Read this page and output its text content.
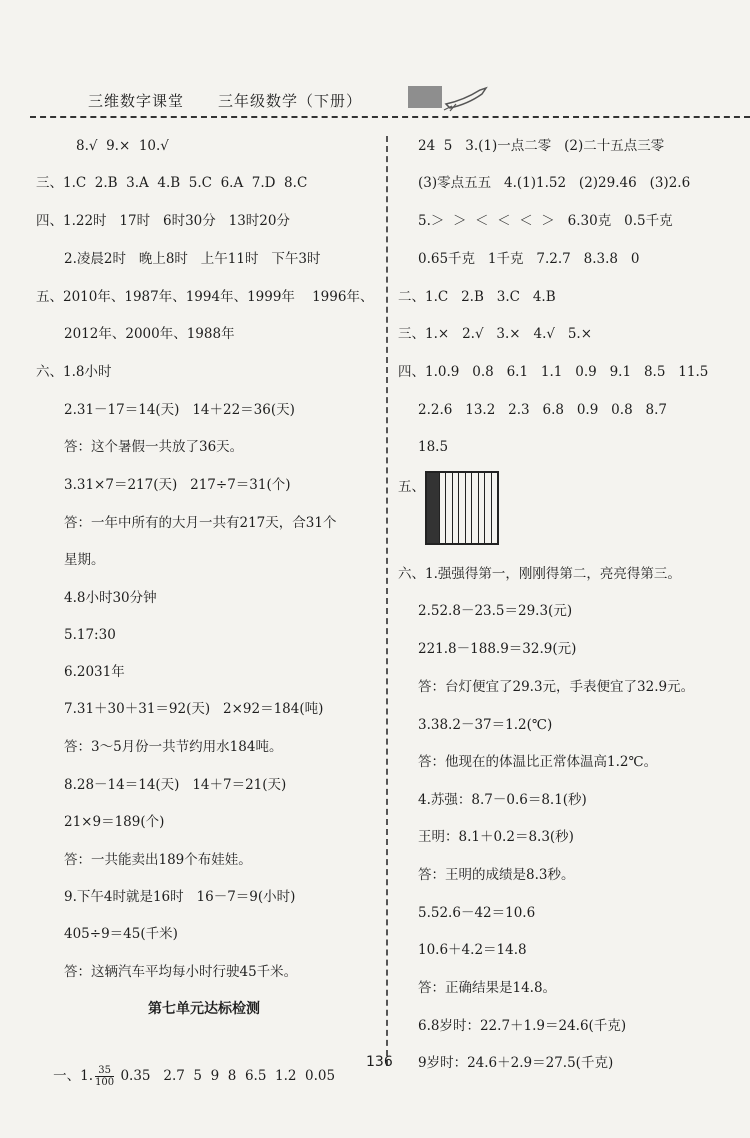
三维数字课堂 三年级数学（下册）
8.√  9.×  10.√
三、1.C  2.B  3.A  4.B  5.C  6.A  7.D  8.C
四、1.22时   17时   6时30分   13时20分
2.凌晨2时   晚上8时   上午11时   下午3时
五、2010年、1987年、1994年、1999年    1996年、
2012年、2000年、1988年
六、1.8小时
2.31－17＝14(天)   14＋22＝36(天)
答：这个暑假一共放了36天。
3.31×7＝217(天)   217÷7＝31(个)
答：一年中所有的大月一共有217天，合31个
星期。
4.8小时30分钟
5.17:30
6.2031年
7.31＋30＋31＝92(天)   2×92＝184(吨)
答：3～5月份一共节约用水184吨。
8.28－14＝14(天)   14＋7＝21(天)
21×9＝189(个)
答：一共能卖出189个布娃娃。
9.下午4时就是16时   16－7＝9(小时)
405÷9＝45(千米)
答：这辆汽车平均每小时行驶45千米。
第七单元达标检测

一、1. $\frac{35}{100} 0.35$   2.7  5  9  8  6.5  1.2  0.05

24  5   3.(1)一点二零   (2)二十五点三零
(3)零点五五   4.(1)1.52   (2)29.46   (3)2.6
5.＞  ＞  ＜  ＜  ＜  ＞   6.30克   0.5千克
0.65千克   1千克   7.2.7   8.3.8   0
二、1.C   2.B   3.C   4.B
三、1.×   2.√   3.×   4.√   5.×
四、1.0.9   0.8   6.1   1.1   0.9   9.1   8.5   11.5
2.2.6   13.2   2.3   6.8   0.9   0.8   8.7
18.5
五、
六、1.强强得第一，刚刚得第二，亮亮得第三。
2.52.8－23.5＝29.3(元)
221.8－188.9＝32.9(元)
答：台灯便宜了29.3元，手表便宜了32.9元。
3.38.2－37＝1.2(℃)
答：他现在的体温比正常体温高1.2℃。
4.苏强：8.7－0.6＝8.1(秒)
王明：8.1＋0.2＝8.3(秒)
答：王明的成绩是8.3秒。
5.52.6－42＝10.6
10.6＋4.2＝14.8
答：正确结果是14.8。
6.8岁时：22.7＋1.9＝24.6(千克)
9岁时：24.6＋2.9＝27.5(千克)
136
